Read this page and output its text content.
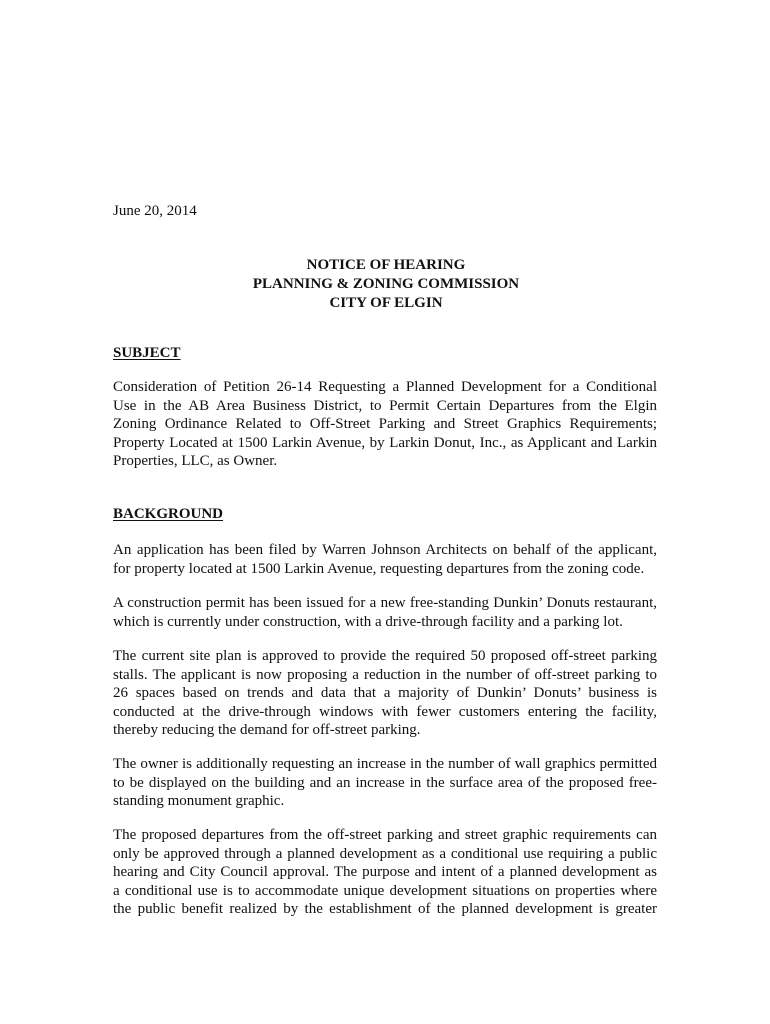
June 20, 2014
NOTICE OF HEARING
PLANNING & ZONING COMMISSION
CITY OF ELGIN
SUBJECT
Consideration of Petition 26-14 Requesting a Planned Development for a Conditional
Use in the AB Area Business District, to Permit Certain Departures from the Elgin
Zoning Ordinance Related to Off-Street Parking and Street Graphics Requirements;
Property Located at 1500 Larkin Avenue, by Larkin Donut, Inc., as Applicant and Larkin
Properties, LLC, as Owner.
BACKGROUND
An application has been filed by Warren Johnson Architects on behalf of the applicant,
for property located at 1500 Larkin Avenue, requesting departures from the zoning code.
A construction permit has been issued for a new free-standing Dunkin’ Donuts restaurant,
which is currently under construction, with a drive-through facility and a parking lot.
The current site plan is approved to provide the required 50 proposed off-street parking
stalls. The applicant is now proposing a reduction in the number of off-street parking to
26 spaces based on trends and data that a majority of Dunkin’ Donuts’ business is
conducted at the drive-through windows with fewer customers entering the facility,
thereby reducing the demand for off-street parking.
The owner is additionally requesting an increase in the number of wall graphics permitted
to be displayed on the building and an increase in the surface area of the proposed free-
standing monument graphic.
The proposed departures from the off-street parking and street graphic requirements can
only be approved through a planned development as a conditional use requiring a public
hearing and City Council approval. The purpose and intent of a planned development as
a conditional use is to accommodate unique development situations on properties where
the public benefit realized by the establishment of the planned development is greater
